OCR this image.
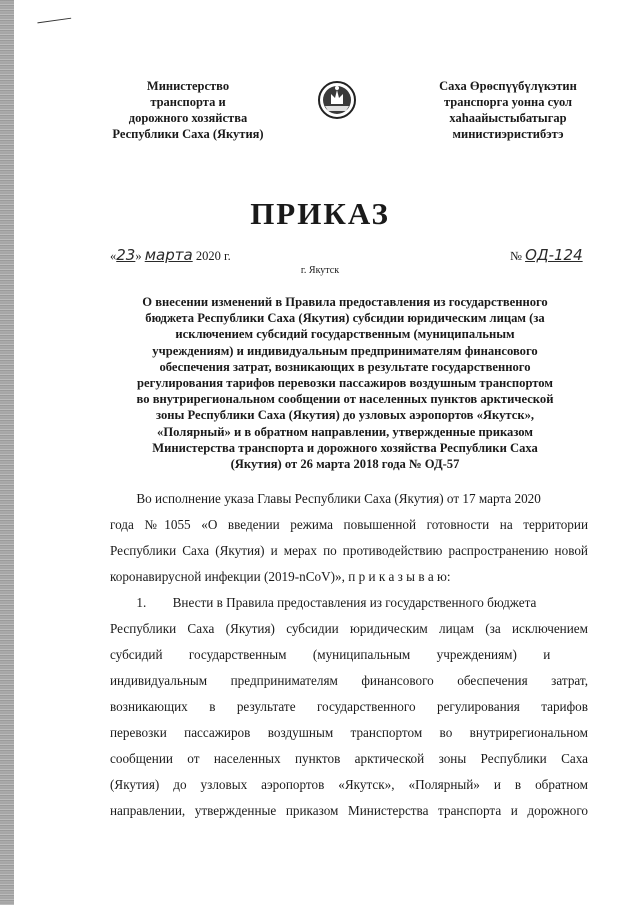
Министерство
транспорта и
дорожного хозяйства
Республики Саха (Якутия)
Саха Өрөспүүбүлүкэтин
транспорга уонна суол
хаһаайыстыбатыгар
министиэристибэтэ
ПРИКАЗ
«23» марта 2020 г.	№ ОД-124
г. Якутск
О внесении изменений в Правила предоставления из государственного
бюджета Республики Саха (Якутия) субсидии юридическим лицам (за
исключением субсидий государственным (муниципальным
учреждениям) и индивидуальным предпринимателям финансового
обеспечения затрат, возникающих в результате государственного
регулирования тарифов перевозки пассажиров воздушным транспортом
во внутрирегиональном сообщении от населенных пунктов арктической
зоны Республики Саха (Якутия) до узловых аэропортов «Якутск»,
«Полярный» и в обратном направлении, утвержденные приказом
Министерства транспорта и дорожного хозяйства Республики Саха
(Якутия) от 26 марта 2018 года № ОД-57
Во исполнение указа Главы Республики Саха (Якутия) от 17 марта 2020
года №1055 «О введении режима повышенной готовности на территории
Республики Саха (Якутия) и мерах по противодействию распространению новой
коронавирусной инфекции (2019-nCoV)», п р и к а з ы в а ю:
1.        Внести в Правила предоставления из государственного бюджета
Республики Саха (Якутия) субсидии юридическим лицам (за исключением
субсидий        государственным        (муниципальным        учреждениям)        и
индивидуальным предпринимателям финансового обеспечения затрат,
возникающих в результате государственного регулирования тарифов
перевозки пассажиров воздушным транспортом во внутрирегиональном
сообщении от населенных пунктов арктической зоны Республики Саха
(Якутия) до узловых аэропортов «Якутск», «Полярный» и в обратном
направлении, утвержденные приказом Министерства транспорта и дорожного
